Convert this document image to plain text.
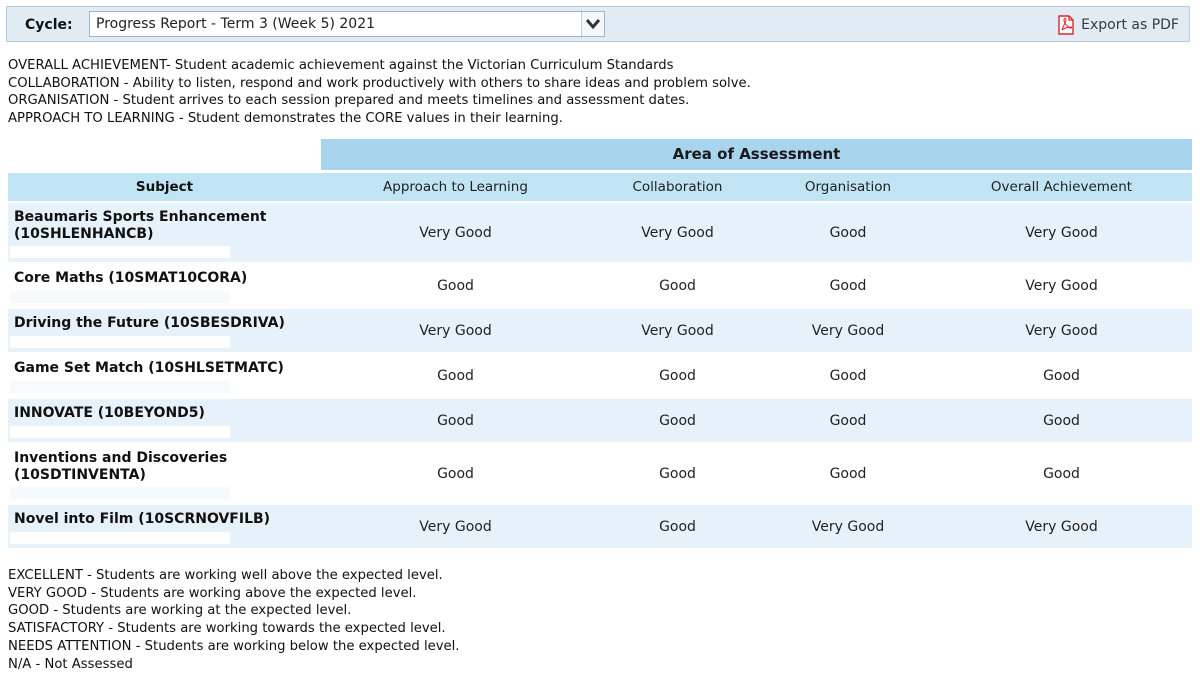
Cycle: Progress Report - Term 3 (Week 5) 2021	Export as PDF
OVERALL ACHIEVEMENT- Student academic achievement against the Victorian Curriculum Standards
COLLABORATION - Ability to listen, respond and work productively with others to share ideas and problem solve.
ORGANISATION - Student arrives to each session prepared and meets timelines and assessment dates.
APPROACH TO LEARNING - Student demonstrates the CORE values in their learning.
Area of Assessment
Subject	Approach to Learning	Collaboration	Organisation	Overall Achievement
Beaumaris Sports Enhancement (10SHLENHANCB)	Very Good	Very Good	Good	Very Good
Core Maths (10SMAT10CORA)	Good	Good	Good	Very Good
Driving the Future (10SBESDRIVA)	Very Good	Very Good	Very Good	Very Good
Game Set Match (10SHLSETMATC)	Good	Good	Good	Good
INNOVATE (10BEYOND5)	Good	Good	Good	Good
Inventions and Discoveries (10SDTINVENTA)	Good	Good	Good	Good
Novel into Film (10SCRNOVFILB)	Very Good	Good	Very Good	Very Good
EXCELLENT - Students are working well above the expected level.
VERY GOOD - Students are working above the expected level.
GOOD - Students are working at the expected level.
SATISFACTORY - Students are working towards the expected level.
NEEDS ATTENTION - Students are working below the expected level.
N/A - Not Assessed
